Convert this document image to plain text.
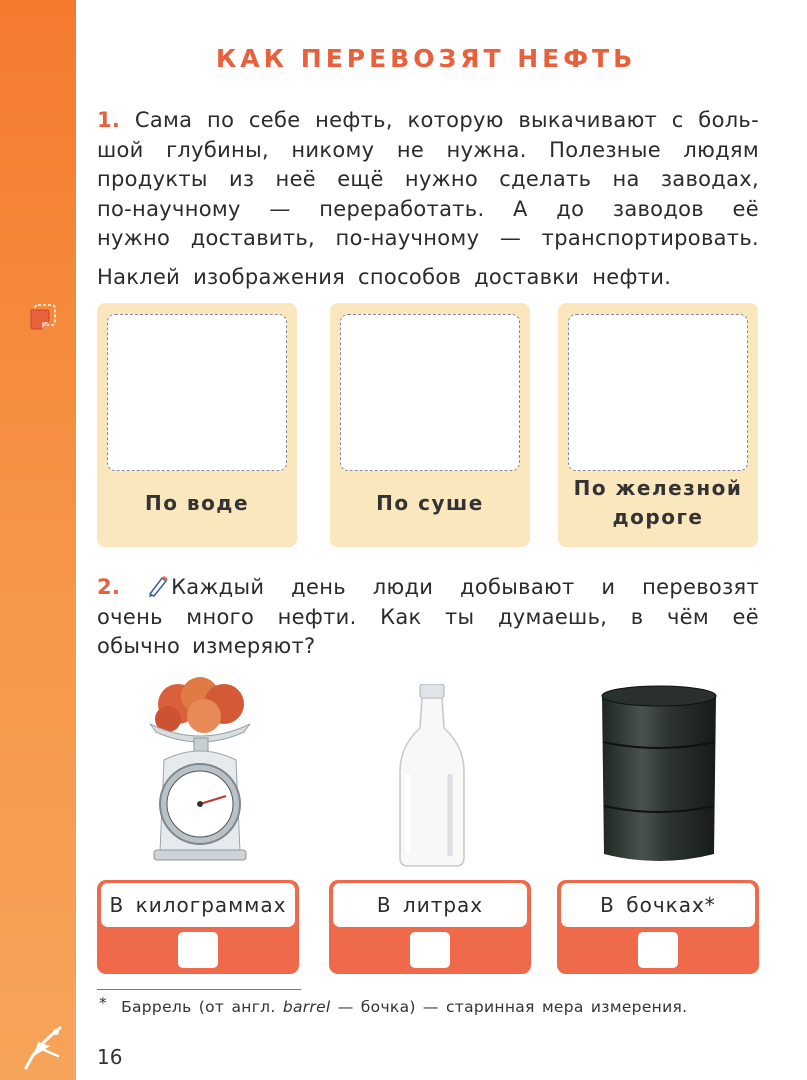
КАК ПЕРЕВОЗЯТ НЕФТЬ
1. Сама по себе нефть, которую выкачивают с боль-
шой глубины, никому не нужна. Полезные людям
продукты из неё ещё нужно сделать на заводах,
по-научному — переработать. А до заводов её
нужно доставить, по-научному — транспортировать.
Наклей изображения способов доставки нефти.
По воде	По суше
По железной дороге
2. Каждый день люди добывают и перевозят
очень много нефти. Как ты думаешь, в чём её
обычно измеряют?
В килограммах	В литрах	В бочках*
* Баррель (от англ. barrel — бочка) — старинная мера измерения.
16
